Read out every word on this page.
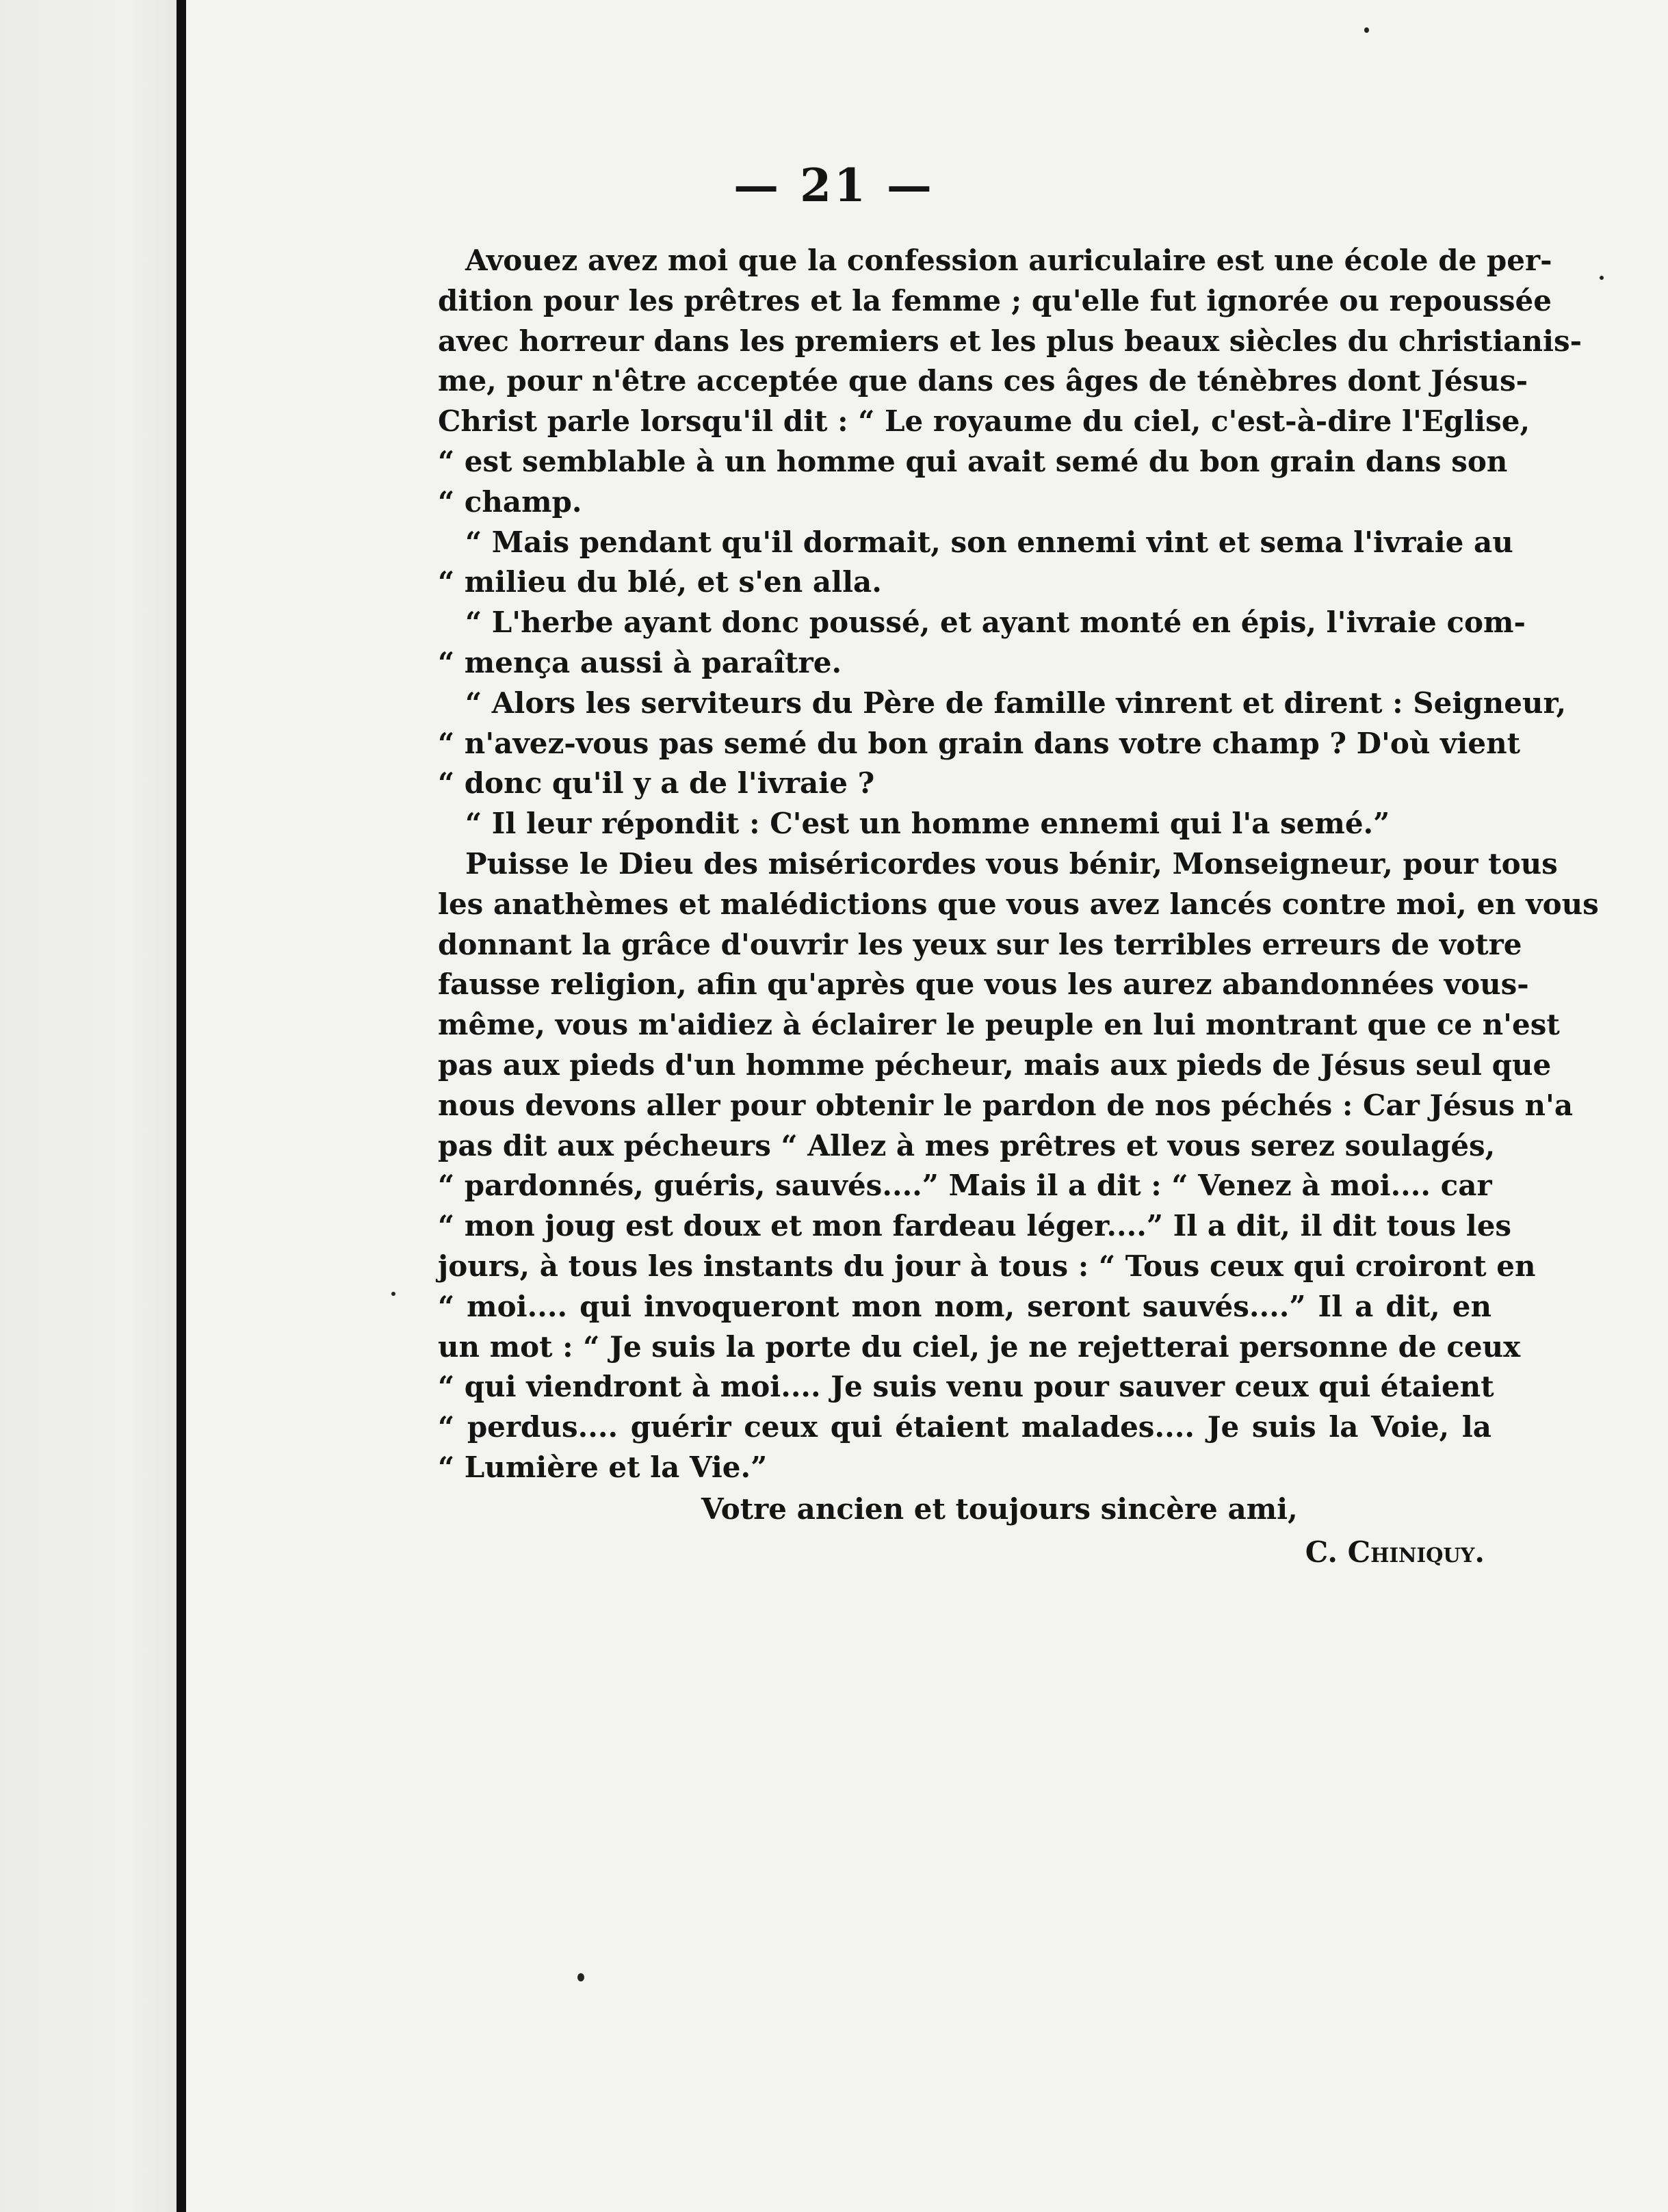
— 21 —
Avouez avez moi que la confession auriculaire est une école de per-
dition pour les prêtres et la femme ; qu'elle fut ignorée ou repoussée
avec horreur dans les premiers et les plus beaux siècles du christianis-
me, pour n'être acceptée que dans ces âges de ténèbres dont Jésus-
Christ parle lorsqu'il dit : “ Le royaume du ciel, c'est-à-dire l'Eglise,
“ est semblable à un homme qui avait semé du bon grain dans son
“ champ.
“ Mais pendant qu'il dormait, son ennemi vint et sema l'ivraie au
“ milieu du blé, et s'en alla.
“ L'herbe ayant donc poussé, et ayant monté en épis, l'ivraie com-
“ mença aussi à paraître.
“ Alors les serviteurs du Père de famille vinrent et dirent : Seigneur,
“ n'avez-vous pas semé du bon grain dans votre champ ? D'où vient
“ donc qu'il y a de l'ivraie ?
“ Il leur répondit : C'est un homme ennemi qui l'a semé.”
Puisse le Dieu des miséricordes vous bénir, Monseigneur, pour tous
les anathèmes et malédictions que vous avez lancés contre moi, en vous
donnant la grâce d'ouvrir les yeux sur les terribles erreurs de votre
fausse religion, afin qu'après que vous les aurez abandonnées vous-
même, vous m'aidiez à éclairer le peuple en lui montrant que ce n'est
pas aux pieds d'un homme pécheur, mais aux pieds de Jésus seul que
nous devons aller pour obtenir le pardon de nos péchés : Car Jésus n'a
pas dit aux pécheurs “ Allez à mes prêtres et vous serez soulagés,
“ pardonnés, guéris, sauvés....” Mais il a dit : “ Venez à moi.... car
“ mon joug est doux et mon fardeau léger....” Il a dit, il dit tous les
jours, à tous les instants du jour à tous : “ Tous ceux qui croiront en
“ moi.... qui invoqueront mon nom, seront sauvés....” Il a dit, en
un mot : “ Je suis la porte du ciel, je ne rejetterai personne de ceux
“ qui viendront à moi.... Je suis venu pour sauver ceux qui étaient
“ perdus.... guérir ceux qui étaient malades.... Je suis la Voie, la
“ Lumière et la Vie.”
Votre ancien et toujours sincère ami,
C. Chiniquy.
